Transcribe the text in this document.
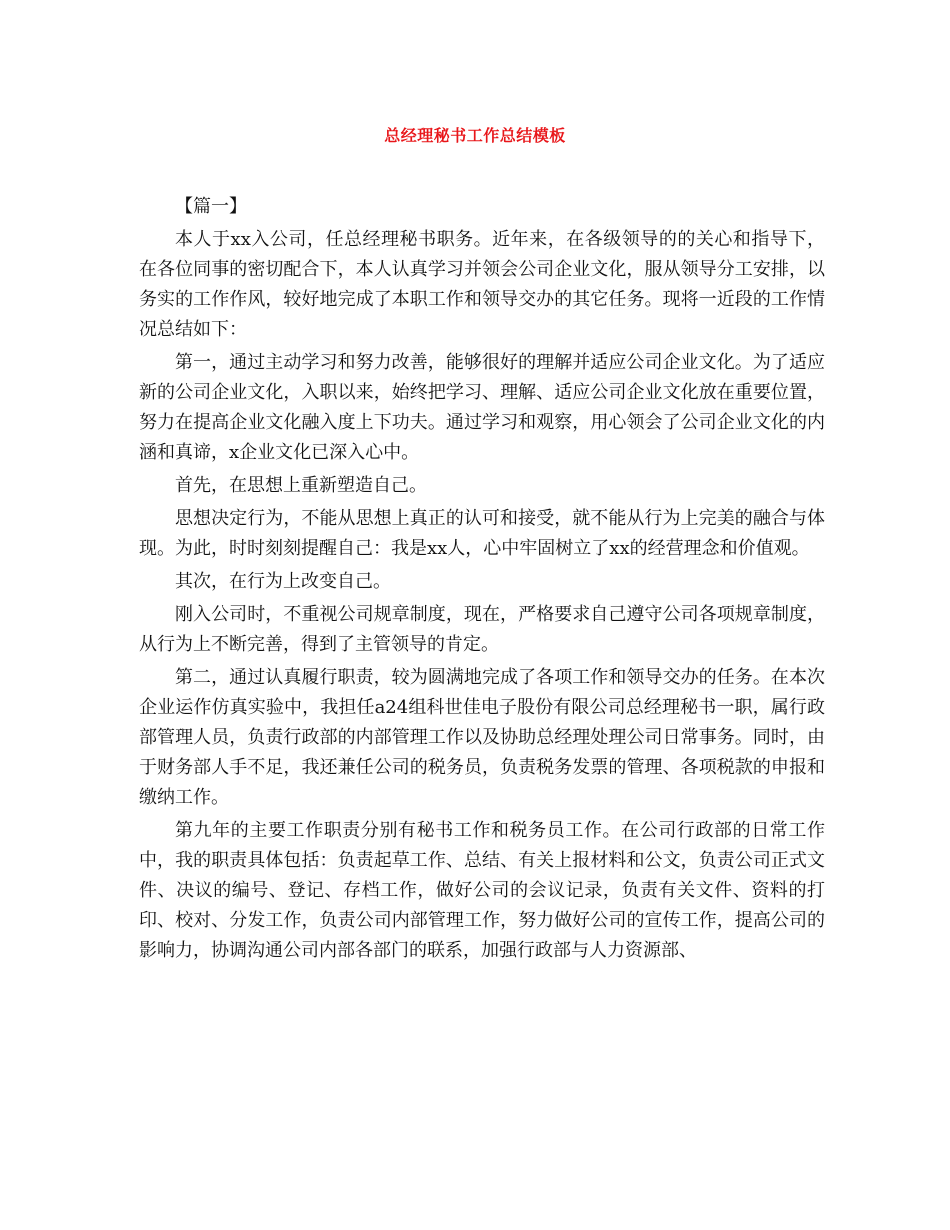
总经理秘书工作总结模板

【篇一】

本人于xx入公司，任总经理秘书职务。近年来，在各级领导的的关心和指导下，在各位同事的密切配合下，本人认真学习并领会公司企业文化，服从领导分工安排，以务实的工作作风，较好地完成了本职工作和领导交办的其它任务。现将一近段的工作情况总结如下：

第一，通过主动学习和努力改善，能够很好的理解并适应公司企业文化。为了适应新的公司企业文化，入职以来，始终把学习、理解、适应公司企业文化放在重要位置，努力在提高企业文化融入度上下功夫。通过学习和观察，用心领会了公司企业文化的内涵和真谛，x企业文化已深入心中。

首先，在思想上重新塑造自己。

思想决定行为，不能从思想上真正的认可和接受，就不能从行为上完美的融合与体现。为此，时时刻刻提醒自己：我是xx人，心中牢固树立了xx的经营理念和价值观。

其次，在行为上改变自己。

刚入公司时，不重视公司规章制度，现在，严格要求自己遵守公司各项规章制度，从行为上不断完善，得到了主管领导的肯定。

第二，通过认真履行职责，较为圆满地完成了各项工作和领导交办的任务。在本次企业运作仿真实验中，我担任a24组科世佳电子股份有限公司总经理秘书一职，属行政部管理人员，负责行政部的内部管理工作以及协助总经理处理公司日常事务。同时，由于财务部人手不足，我还兼任公司的税务员，负责税务发票的管理、各项税款的申报和缴纳工作。

第九年的主要工作职责分别有秘书工作和税务员工作。在公司行政部的日常工作中，我的职责具体包括：负责起草工作、总结、有关上报材料和公文，负责公司正式文件、决议的编号、登记、存档工作，做好公司的会议记录，负责有关文件、资料的打印、校对、分发工作，负责公司内部管理工作，努力做好公司的宣传工作，提高公司的影响力，协调沟通公司内部各部门的联系，加强行政部与人力资源部、
